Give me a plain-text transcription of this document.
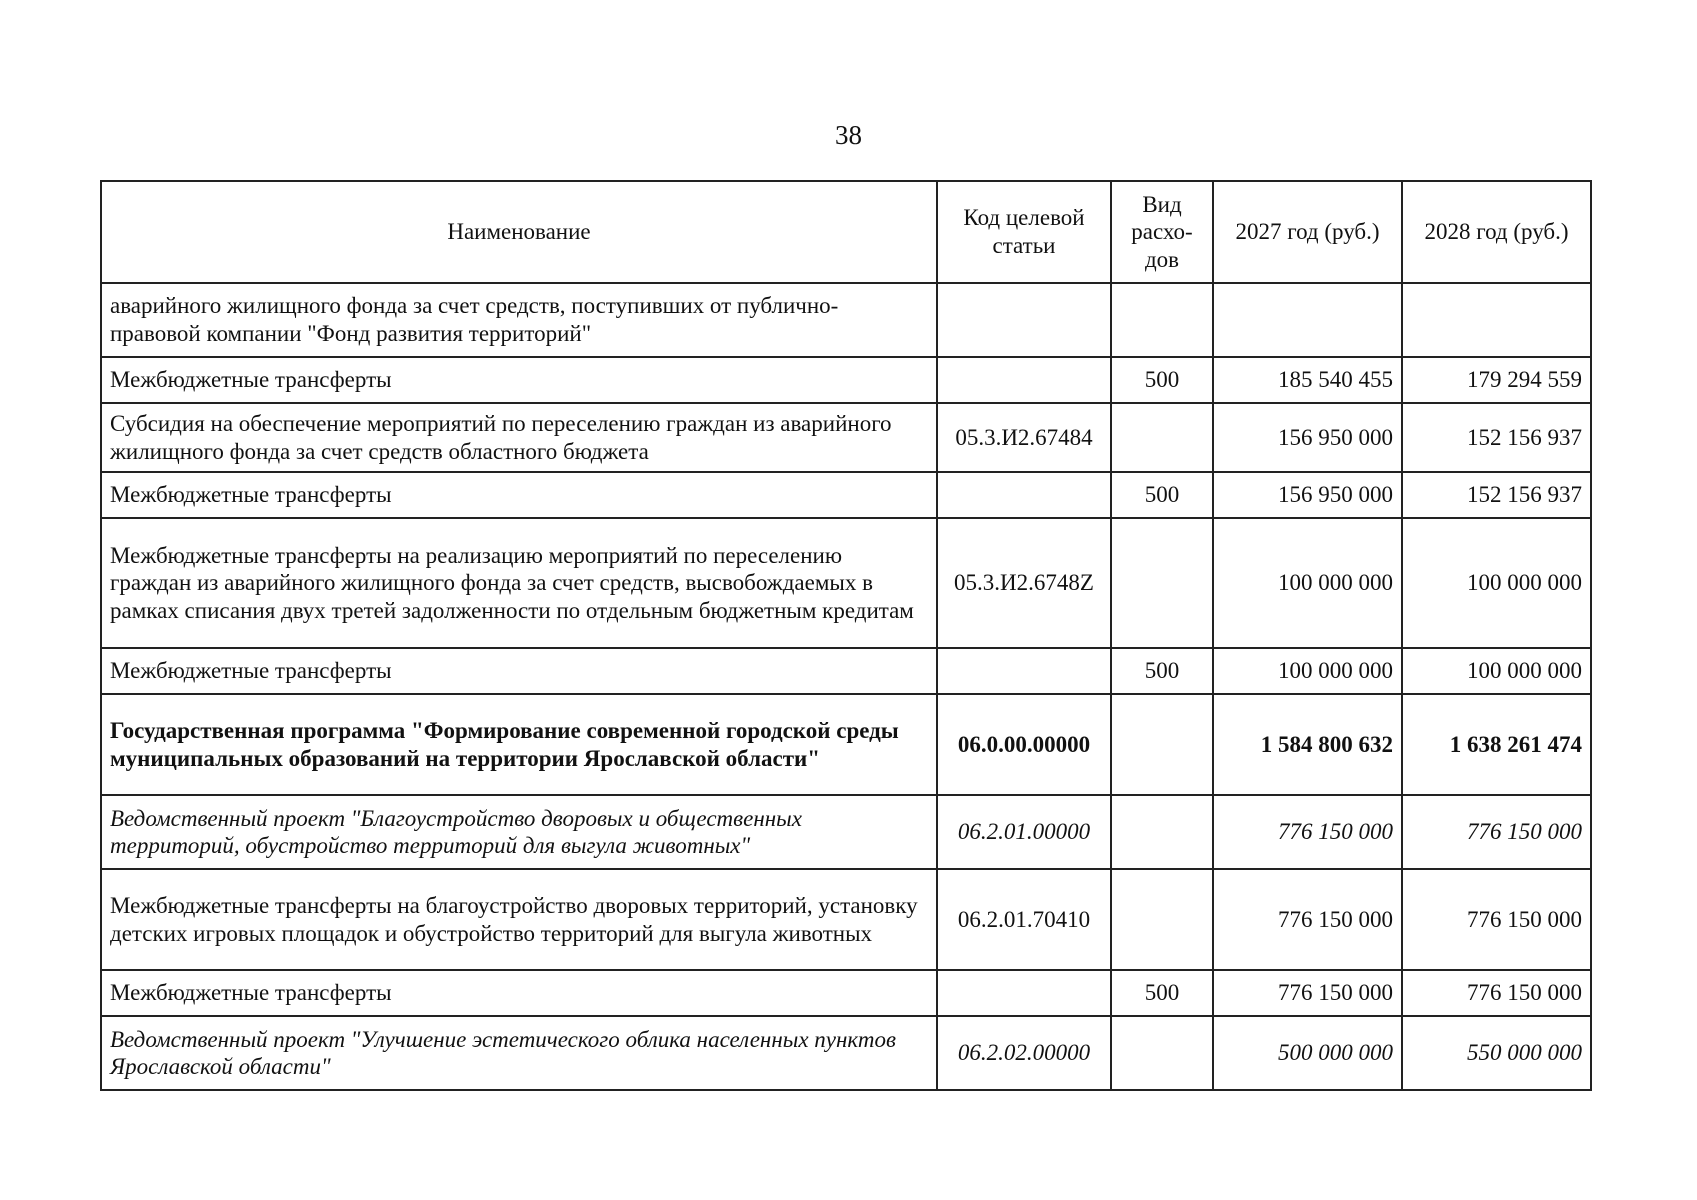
38
Наименование	Код целевой статьи	Вид расхо-дов	2027 год (руб.)	2028 год (руб.)
аварийного жилищного фонда за счет средств, поступивших от публично-правовой компании "Фонд развития территорий"				
Межбюджетные трансферты		500	185 540 455	179 294 559
Субсидия на обеспечение мероприятий по переселению граждан из аварийного жилищного фонда за счет средств областного бюджета	05.3.И2.67484		156 950 000	152 156 937
Межбюджетные трансферты		500	156 950 000	152 156 937
Межбюджетные трансферты на реализацию мероприятий по переселению граждан из аварийного жилищного фонда за счет средств, высвобождаемых в рамках списания двух третей задолженности по отдельным бюджетным кредитам	05.3.И2.6748Z		100 000 000	100 000 000
Межбюджетные трансферты		500	100 000 000	100 000 000
Государственная программа "Формирование современной городской среды муниципальных образований на территории Ярославской области"	06.0.00.00000		1 584 800 632	1 638 261 474
Ведомственный проект "Благоустройство дворовых и общественных территорий, обустройство территорий для выгула животных"	06.2.01.00000		776 150 000	776 150 000
Межбюджетные трансферты на благоустройство дворовых территорий, установку детских игровых площадок и обустройство территорий для выгула животных	06.2.01.70410		776 150 000	776 150 000
Межбюджетные трансферты		500	776 150 000	776 150 000
Ведомственный проект "Улучшение эстетического облика населенных пунктов Ярославской области"	06.2.02.00000		500 000 000	550 000 000
